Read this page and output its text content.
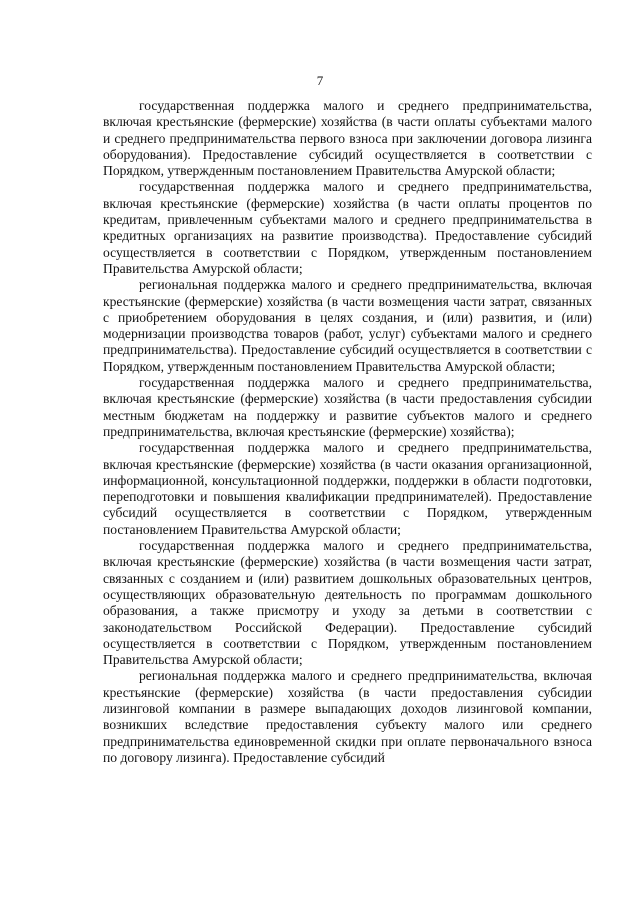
7

государственная поддержка малого и среднего предпринимательства, включая крестьянские (фермерские) хозяйства (в части оплаты субъектами малого и среднего предпринимательства первого взноса при заключении договора лизинга оборудования). Предоставление субсидий осуществляется в соответствии с Порядком, утвержденным постановлением Правительства Амурской области;

государственная поддержка малого и среднего предпринимательства, включая крестьянские (фермерские) хозяйства (в части оплаты процентов по кредитам, привлеченным субъектами малого и среднего предпринимательства в кредитных организациях на развитие производства). Предоставление субсидий осуществляется в соответствии с Порядком, утвержденным постановлением Правительства Амурской области;

региональная поддержка малого и среднего предпринимательства, включая крестьянские (фермерские) хозяйства (в части возмещения части затрат, связанных с приобретением оборудования в целях создания, и (или) развития, и (или) модернизации производства товаров (работ, услуг) субъектами малого и среднего предпринимательства). Предоставление субсидий осуществляется в соответствии с Порядком, утвержденным постановлением Правительства Амурской области;

государственная поддержка малого и среднего предпринимательства, включая крестьянские (фермерские) хозяйства (в части предоставления субсидии местным бюджетам на поддержку и развитие субъектов малого и среднего предпринимательства, включая крестьянские (фермерские) хозяйства);

государственная поддержка малого и среднего предпринимательства, включая крестьянские (фермерские) хозяйства (в части оказания организационной, информационной, консультационной поддержки, поддержки в области подготовки, переподготовки и повышения квалификации предпринимателей). Предоставление субсидий осуществляется в соответствии с Порядком, утвержденным постановлением Правительства Амурской области;

государственная поддержка малого и среднего предпринимательства, включая крестьянские (фермерские) хозяйства (в части возмещения части затрат, связанных с созданием и (или) развитием дошкольных образовательных центров, осуществляющих образовательную деятельность по программам дошкольного образования, а также присмотру и уходу за детьми в соответствии с законодательством Российской Федерации). Предоставление субсидий осуществляется в соответствии с Порядком, утвержденным постановлением Правительства Амурской области;

региональная поддержка малого и среднего предпринимательства, включая крестьянские (фермерские) хозяйства (в части предоставления субсидии лизинговой компании в размере выпадающих доходов лизинговой компании, возникших вследствие предоставления субъекту малого или среднего предпринимательства единовременной скидки при оплате первоначального взноса по договору лизинга). Предоставление субсидий
